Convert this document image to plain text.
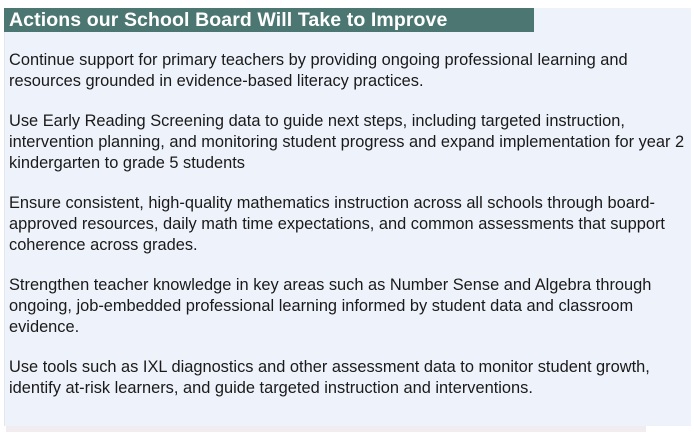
Actions our School Board Will Take to Improve

Continue support for primary teachers by providing ongoing professional learning and resources grounded in evidence-based literacy practices.

Use Early Reading Screening data to guide next steps, including targeted instruction, intervention planning, and monitoring student progress and expand implementation for year 2 kindergarten to grade 5 students

Ensure consistent, high-quality mathematics instruction across all schools through board-approved resources, daily math time expectations, and common assessments that support coherence across grades.

Strengthen teacher knowledge in key areas such as Number Sense and Algebra through ongoing, job-embedded professional learning informed by student data and classroom evidence.

Use tools such as IXL diagnostics and other assessment data to monitor student growth, identify at-risk learners, and guide targeted instruction and interventions.
